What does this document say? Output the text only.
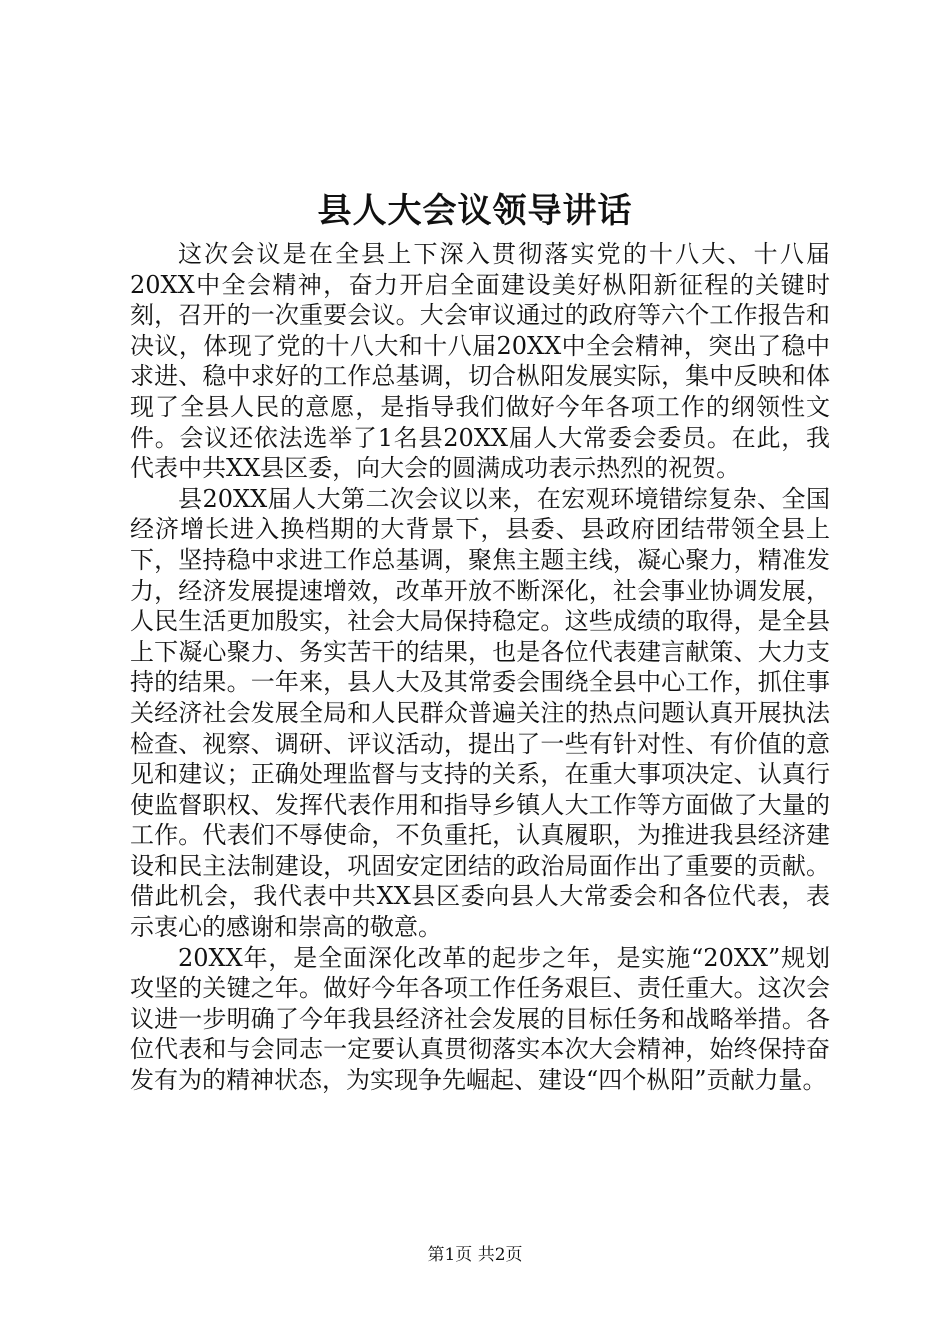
县人大会议领导讲话

这次会议是在全县上下深入贯彻落实党的十八大、十八届20XX中全会精神，奋力开启全面建设美好枞阳新征程的关键时刻，召开的一次重要会议。大会审议通过的政府等六个工作报告和决议，体现了党的十八大和十八届20XX中全会精神，突出了稳中求进、稳中求好的工作总基调，切合枞阳发展实际，集中反映和体现了全县人民的意愿，是指导我们做好今年各项工作的纲领性文件。会议还依法选举了1名县20XX届人大常委会委员。在此，我代表中共XX县区委，向大会的圆满成功表示热烈的祝贺。

县20XX届人大第二次会议以来，在宏观环境错综复杂、全国经济增长进入换档期的大背景下，县委、县政府团结带领全县上下，坚持稳中求进工作总基调，聚焦主题主线，凝心聚力，精准发力，经济发展提速增效，改革开放不断深化，社会事业协调发展，人民生活更加殷实，社会大局保持稳定。这些成绩的取得，是全县上下凝心聚力、务实苦干的结果，也是各位代表建言献策、大力支持的结果。一年来，县人大及其常委会围绕全县中心工作，抓住事关经济社会发展全局和人民群众普遍关注的热点问题认真开展执法检查、视察、调研、评议活动，提出了一些有针对性、有价值的意见和建议；正确处理监督与支持的关系，在重大事项决定、认真行使监督职权、发挥代表作用和指导乡镇人大工作等方面做了大量的工作。代表们不辱使命，不负重托，认真履职，为推进我县经济建设和民主法制建设，巩固安定团结的政治局面作出了重要的贡献。借此机会，我代表中共XX县区委向县人大常委会和各位代表，表示衷心的感谢和崇高的敬意。

20XX年，是全面深化改革的起步之年，是实施“20XX”规划攻坚的关键之年。做好今年各项工作任务艰巨、责任重大。这次会议进一步明确了今年我县经济社会发展的目标任务和战略举措。各位代表和与会同志一定要认真贯彻落实本次大会精神，始终保持奋发有为的精神状态，为实现争先崛起、建设“四个枞阳”贡献力量。

第1页 共2页
